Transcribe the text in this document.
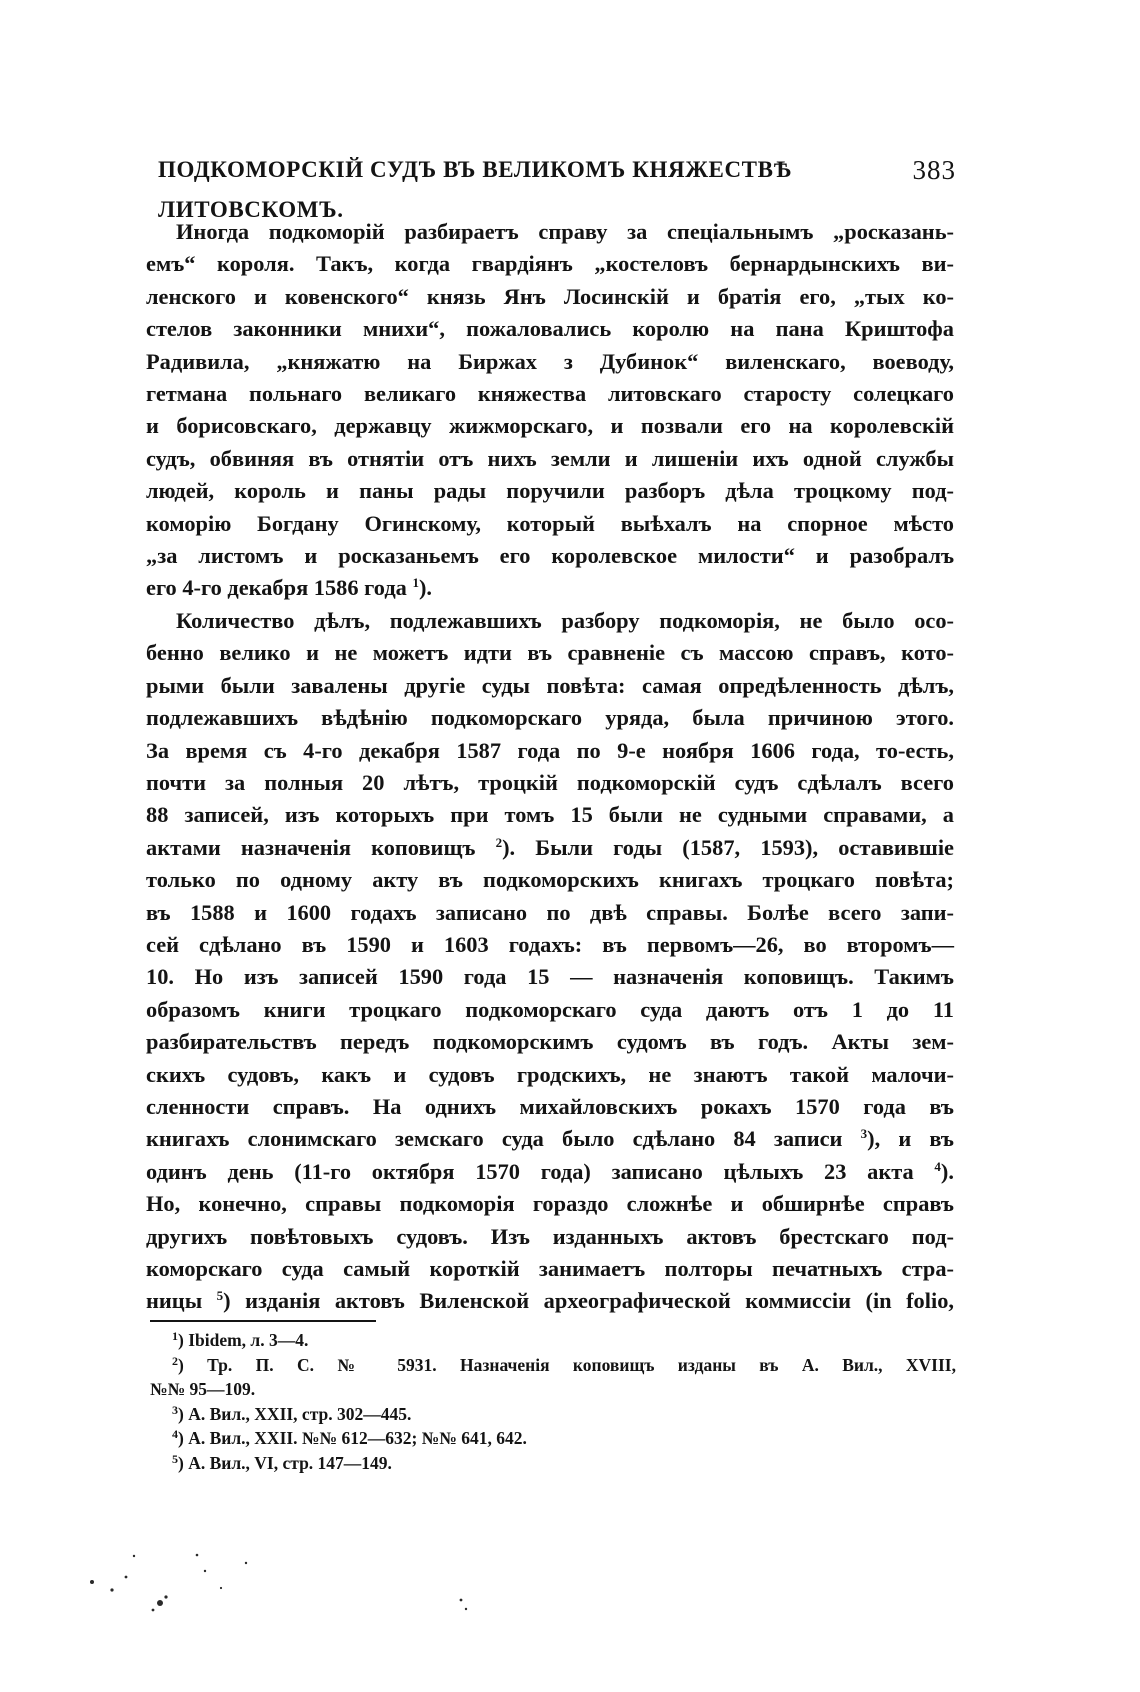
ПОДКОМОРСКІЙ СУДЪ ВЪ ВЕЛИКОМЪ КНЯЖЕСТВѢ ЛИТОВСКОМЪ.
383
Иногда подкоморій разбираетъ справу за спеціальнымъ „росказань-
емъ“ короля. Такъ, когда гвардіянъ „костеловъ бернардынскихъ ви-
ленского и ковенского“ князь Янъ Лосинскій и братія его, „тых ко-
стелов законники мнихи“, пожаловались королю на пана Криштофа
Радивила, „княжатю на Биржах з Дубинок“ виленскаго, воеводу,
гетмана польнаго великаго княжества литовскаго старосту солецкаго
и борисовскаго, державцу жижморскаго, и позвали его на королевскій
судъ, обвиняя въ отнятіи отъ нихъ земли и лишеніи ихъ одной службы
людей, король и паны рады поручили разборъ дѣла троцкому под-
коморію Богдану Огинскому, который выѣхалъ на спорное мѣсто
„за листомъ и росказаньемъ его королевское милости“ и разобралъ
его 4-го декабря 1586 года $^1$).
Количество дѣлъ, подлежавшихъ разбору подкоморія, не было осо-
бенно велико и не можетъ идти въ сравненіе съ массою справъ, кото-
рыми были завалены другіе суды повѣта: самая опредѣленность дѣлъ,
подлежавшихъ вѣдѣнію подкоморскаго уряда, была причиною этого.
За время съ 4-го декабря 1587 года по 9-е ноября 1606 года, то-есть,
почти за полныя 20 лѣтъ, троцкій подкоморскій судъ сдѣлалъ всего
88 записей, изъ которыхъ при томъ 15 были не судными справами, а
актами назначенія коповищъ $^2$). Были годы (1587, 1593), оставившіе
только по одному акту въ подкоморскихъ книгахъ троцкаго повѣта;
въ 1588 и 1600 годахъ записано по двѣ справы. Болѣе всего запи-
сей сдѣлано въ 1590 и 1603 годахъ: въ первомъ—26, во второмъ—
10. Но изъ записей 1590 года 15 — назначенія коповищъ. Такимъ
образомъ книги троцкаго подкоморскаго суда даютъ отъ 1 до 11
разбирательствъ передъ подкоморскимъ судомъ въ годъ. Акты зем-
скихъ судовъ, какъ и судовъ гродскихъ, не знаютъ такой малочи-
сленности справъ. На однихъ михайловскихъ рокахъ 1570 года въ
книгахъ слонимскаго земскаго суда было сдѣлано 84 записи $^3$), и въ
одинъ день (11-го октября 1570 года) записано цѣлыхъ 23 акта $^4$).
Но, конечно, справы подкоморія гораздо сложнѣе и обширнѣе справъ
другихъ повѣтовыхъ судовъ. Изъ изданныхъ актовъ брестскаго под-
коморскаго суда самый короткій занимаетъ полторы печатныхъ стра-
ницы $^5$) изданія актовъ Виленской археографической коммиссіи (in folio,
$^1$) Ibidem, л. 3—4.
$^2$) Тр. П. С. № 5931. Назначенія коповищъ изданы въ А. Вил., XVIII,
№№ 95—109.
$^3$) А. Вил., XXII, стр. 302—445.
$^4$) А. Вил., XXII. №№ 612—632; №№ 641, 642.
$^5$) А. Вил., VI, стр. 147—149.
